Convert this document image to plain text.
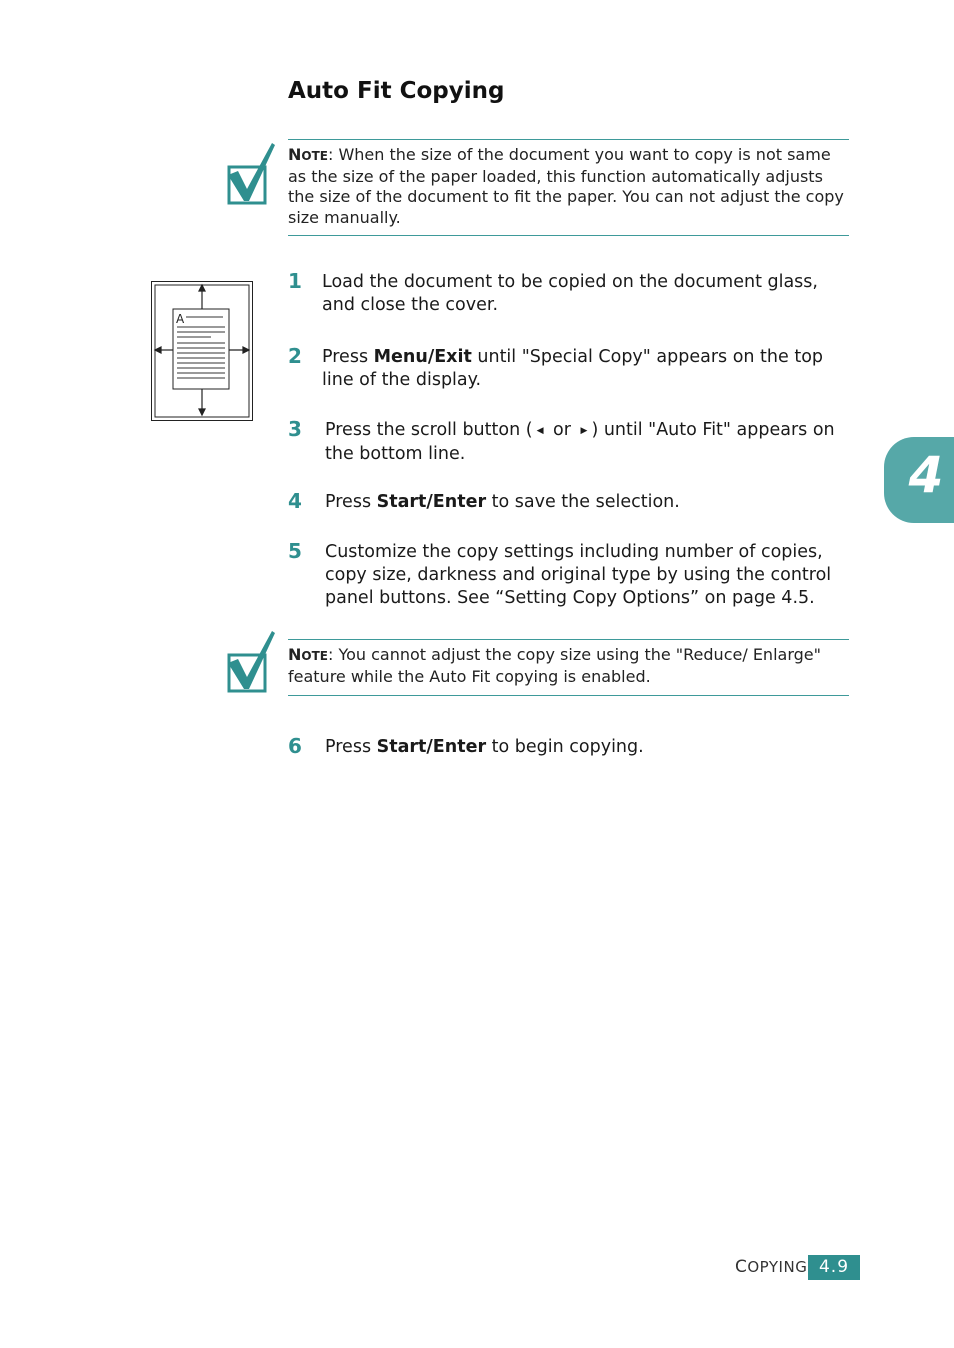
Auto Fit Copying
NOTE: When the size of the document you want to copy is not same as the size of the paper loaded, this function automatically adjusts the size of the document to fit the paper. You can not adjust the copy size manually.
A
1 Load the document to be copied on the document glass, and close the cover.
2 Press Menu/Exit until "Special Copy" appears on the top line of the display.
3 Press the scroll button ( ◀ or ▶ ) until "Auto Fit" appears on the bottom line.
4 Press Start/Enter to save the selection.
5 Customize the copy settings including number of copies, copy size, darkness and original type by using the control panel buttons. See “Setting Copy Options” on page 4.5.
NOTE: You cannot adjust the copy size using the "Reduce/ Enlarge" feature while the Auto Fit copying is enabled.
6 Press Start/Enter to begin copying.
4
COPYING 4.9
